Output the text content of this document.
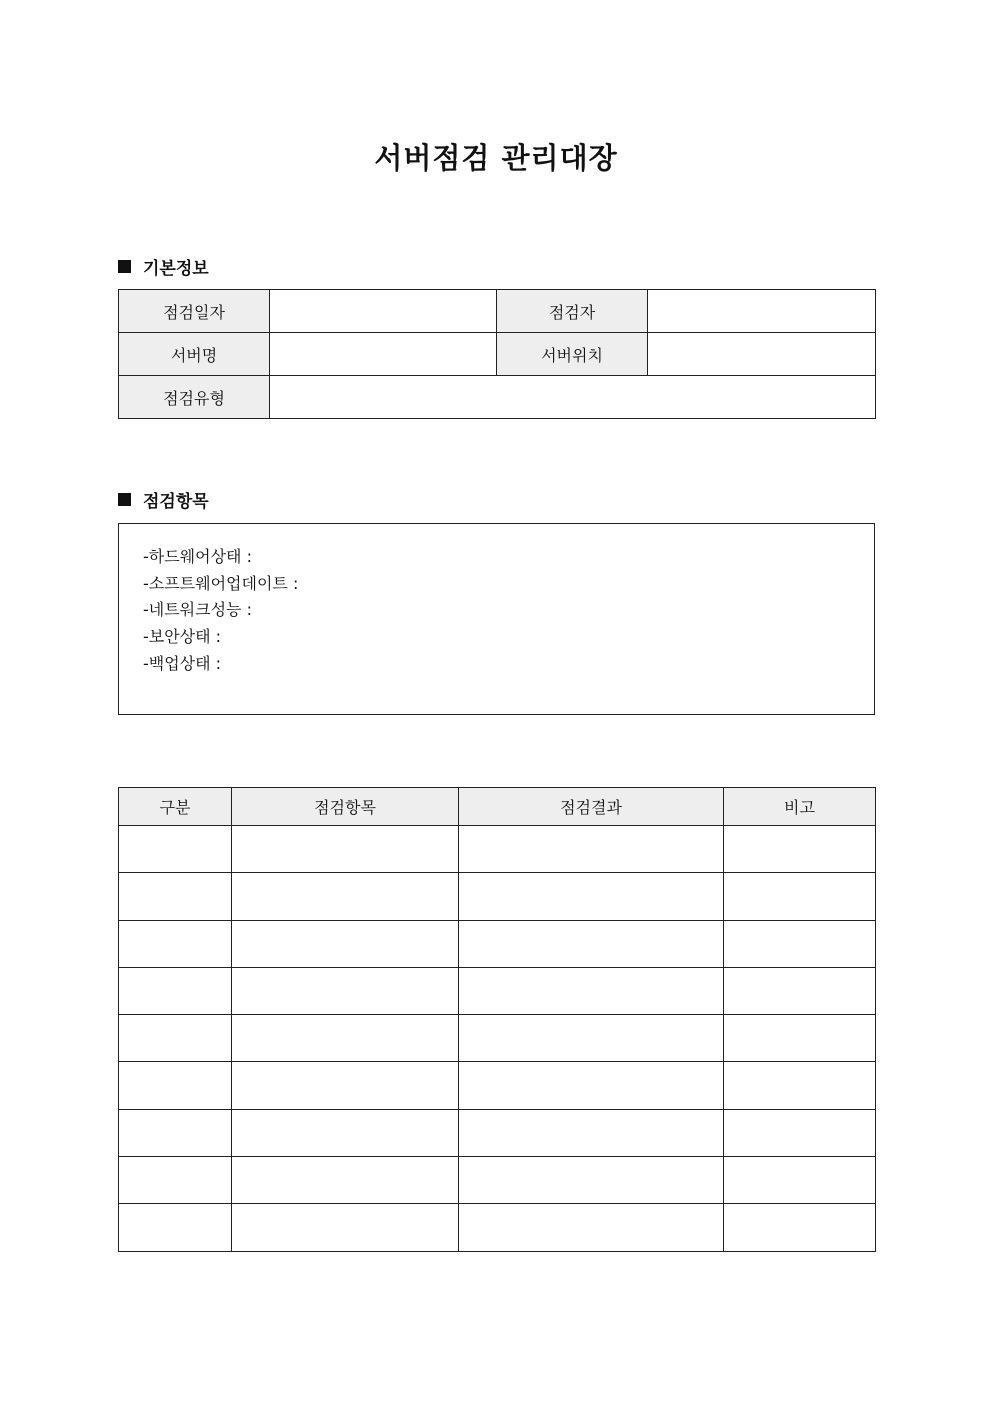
서버점검 관리대장
기본정보
점검일자		점검자	
서버명		서버위치	
점검유형			
점검항목
-하드웨어상태 :
-소프트웨어업데이트 :
-네트워크성능 :
-보안상태 :
-백업상태 :
구분	점검항목	점검결과	비고
